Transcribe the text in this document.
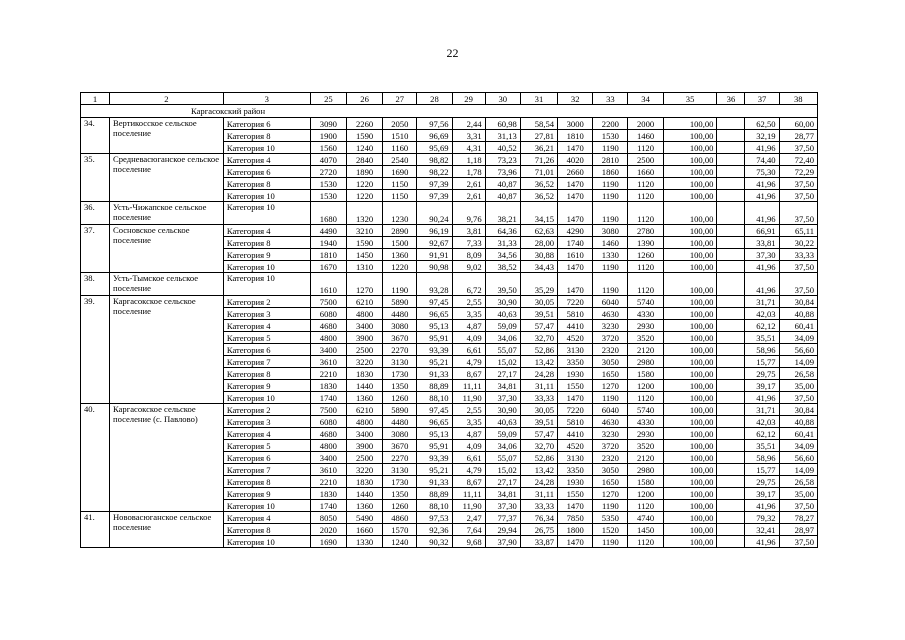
22
1	2	3	25	26	27	28	29	30	31	32	33	34	35	36	37	38
Каргасокский район																
34.	Вертикосское сельское поселение	Категория 6	3090	2260	2050	97,56	2,44	60,98	58,54	3000	2200	2000	100,00		62,50	60,00
		Категория 8	1900	1590	1510	96,69	3,31	31,13	27,81	1810	1530	1460	100,00		32,19	28,77
		Категория 10	1560	1240	1160	95,69	4,31	40,52	36,21	1470	1190	1120	100,00		41,96	37,50
35.	Средневасюганское сельское поселение	Категория 4	4070	2840	2540	98,82	1,18	73,23	71,26	4020	2810	2500	100,00		74,40	72,40
		Категория 6	2720	1890	1690	98,22	1,78	73,96	71,01	2660	1860	1660	100,00		75,30	72,29
		Категория 8	1530	1220	1150	97,39	2,61	40,87	36,52	1470	1190	1120	100,00		41,96	37,50
		Категория 10	1530	1220	1150	97,39	2,61	40,87	36,52	1470	1190	1120	100,00		41,96	37,50
36.	Усть-Чижапское сельское поселение	Категория 10	1680	1320	1230	90,24	9,76	38,21	34,15	1470	1190	1120	100,00		41,96	37,50
37.	Сосновское сельское поселение	Категория 4	4490	3210	2890	96,19	3,81	64,36	62,63	4290	3080	2780	100,00		66,91	65,11
		Категория 8	1940	1590	1500	92,67	7,33	31,33	28,00	1740	1460	1390	100,00		33,81	30,22
		Категория 9	1810	1450	1360	91,91	8,09	34,56	30,88	1610	1330	1260	100,00		37,30	33,33
		Категория 10	1670	1310	1220	90,98	9,02	38,52	34,43	1470	1190	1120	100,00		41,96	37,50
38.	Усть-Тымское сельское поселение	Категория 10	1610	1270	1190	93,28	6,72	39,50	35,29	1470	1190	1120	100,00		41,96	37,50
39.	Каргасокское сельское поселение	Категория 2	7500	6210	5890	97,45	2,55	30,90	30,05	7220	6040	5740	100,00		31,71	30,84
		Категория 3	6080	4800	4480	96,65	3,35	40,63	39,51	5810	4630	4330	100,00		42,03	40,88
		Категория 4	4680	3400	3080	95,13	4,87	59,09	57,47	4410	3230	2930	100,00		62,12	60,41
		Категория 5	4800	3900	3670	95,91	4,09	34,06	32,70	4520	3720	3520	100,00		35,51	34,09
		Категория 6	3400	2500	2270	93,39	6,61	55,07	52,86	3130	2320	2120	100,00		58,96	56,60
		Категория 7	3610	3220	3130	95,21	4,79	15,02	13,42	3350	3050	2980	100,00		15,77	14,09
		Категория 8	2210	1830	1730	91,33	8,67	27,17	24,28	1930	1650	1580	100,00		29,75	26,58
		Категория 9	1830	1440	1350	88,89	11,11	34,81	31,11	1550	1270	1200	100,00		39,17	35,00
		Категория 10	1740	1360	1260	88,10	11,90	37,30	33,33	1470	1190	1120	100,00		41,96	37,50
40.	Каргасокское сельское поселение (с. Павлово)	Категория 2	7500	6210	5890	97,45	2,55	30,90	30,05	7220	6040	5740	100,00		31,71	30,84
		Категория 3	6080	4800	4480	96,65	3,35	40,63	39,51	5810	4630	4330	100,00		42,03	40,88
		Категория 4	4680	3400	3080	95,13	4,87	59,09	57,47	4410	3230	2930	100,00		62,12	60,41
		Категория 5	4800	3900	3670	95,91	4,09	34,06	32,70	4520	3720	3520	100,00		35,51	34,09
		Категория 6	3400	2500	2270	93,39	6,61	55,07	52,86	3130	2320	2120	100,00		58,96	56,60
		Категория 7	3610	3220	3130	95,21	4,79	15,02	13,42	3350	3050	2980	100,00		15,77	14,09
		Категория 8	2210	1830	1730	91,33	8,67	27,17	24,28	1930	1650	1580	100,00		29,75	26,58
		Категория 9	1830	1440	1350	88,89	11,11	34,81	31,11	1550	1270	1200	100,00		39,17	35,00
		Категория 10	1740	1360	1260	88,10	11,90	37,30	33,33	1470	1190	1120	100,00		41,96	37,50
41.	Нововасюганское сельское поселение	Категория 4	8050	5490	4860	97,53	2,47	77,37	76,34	7850	5350	4740	100,00		79,32	78,27
		Категория 8	2020	1660	1570	92,36	7,64	29,94	26,75	1800	1520	1450	100,00		32,41	28,97
		Категория 10	1690	1330	1240	90,32	9,68	37,90	33,87	1470	1190	1120	100,00		41,96	37,50
